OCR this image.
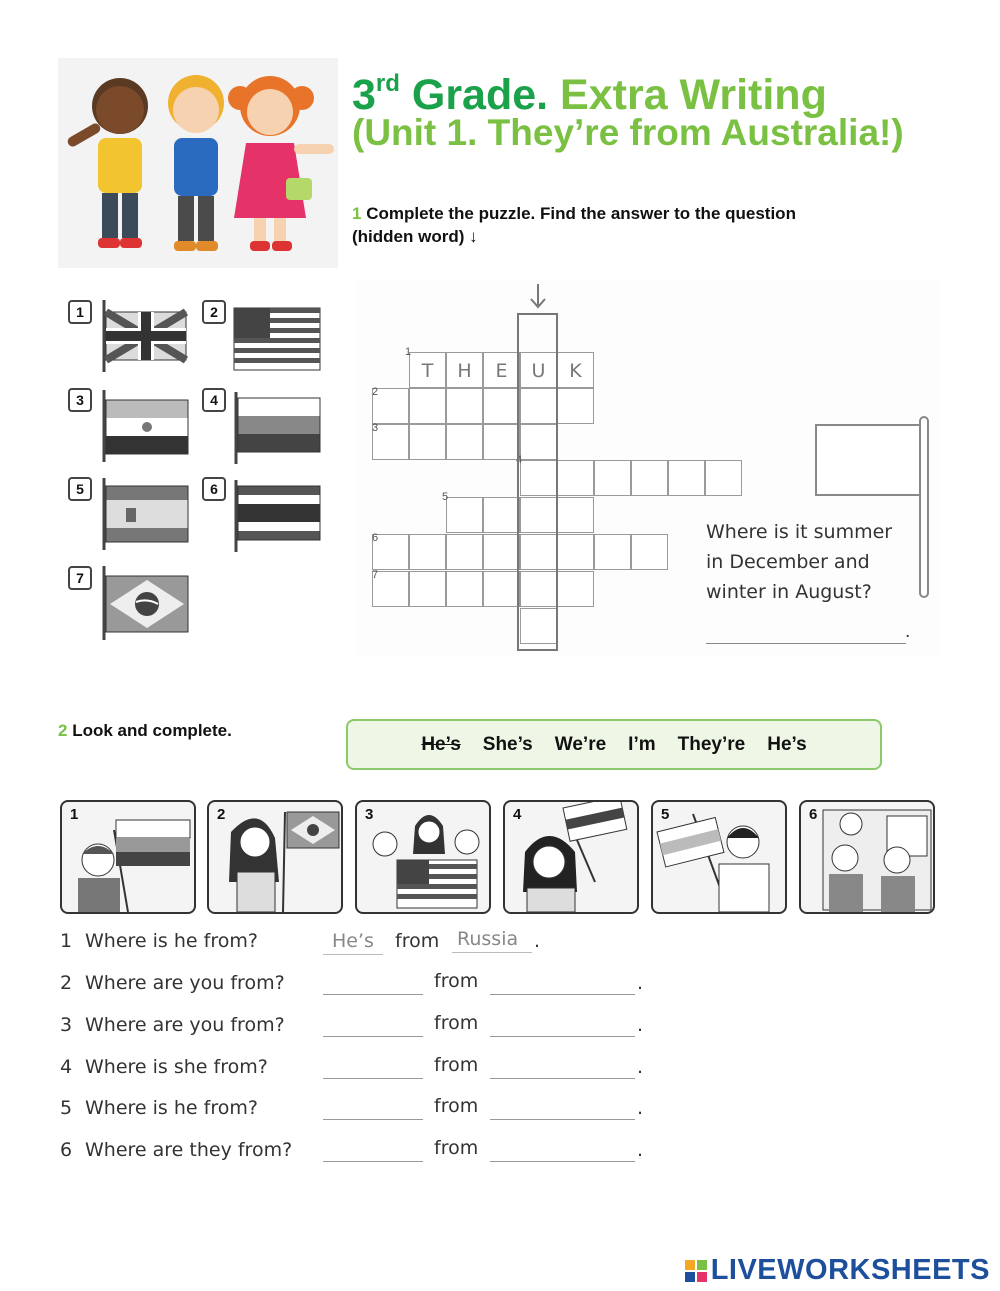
3rd Grade. Extra Writing
(Unit 1. They’re from Australia!)
1 Complete the puzzle. Find the answer to the question
(hidden word) ↓
1	2
3	4
5	6
7
T	H	E	U	K
1
2
3
4
5
6
7
Where is it summer
in December and
winter in August?
.
2 Look and complete.
He’s She’s We’re I’m They’re He’s
1	2	3	4	5	6
1 Where is he from?	He’s from Russia .
2 Where are you from?	from	.
3 Where are you from?	from	.
4 Where is she from?	from	.
5 Where is he from?	from	.
6 Where are they from?	from	.
LIVEWORKSHEETS
